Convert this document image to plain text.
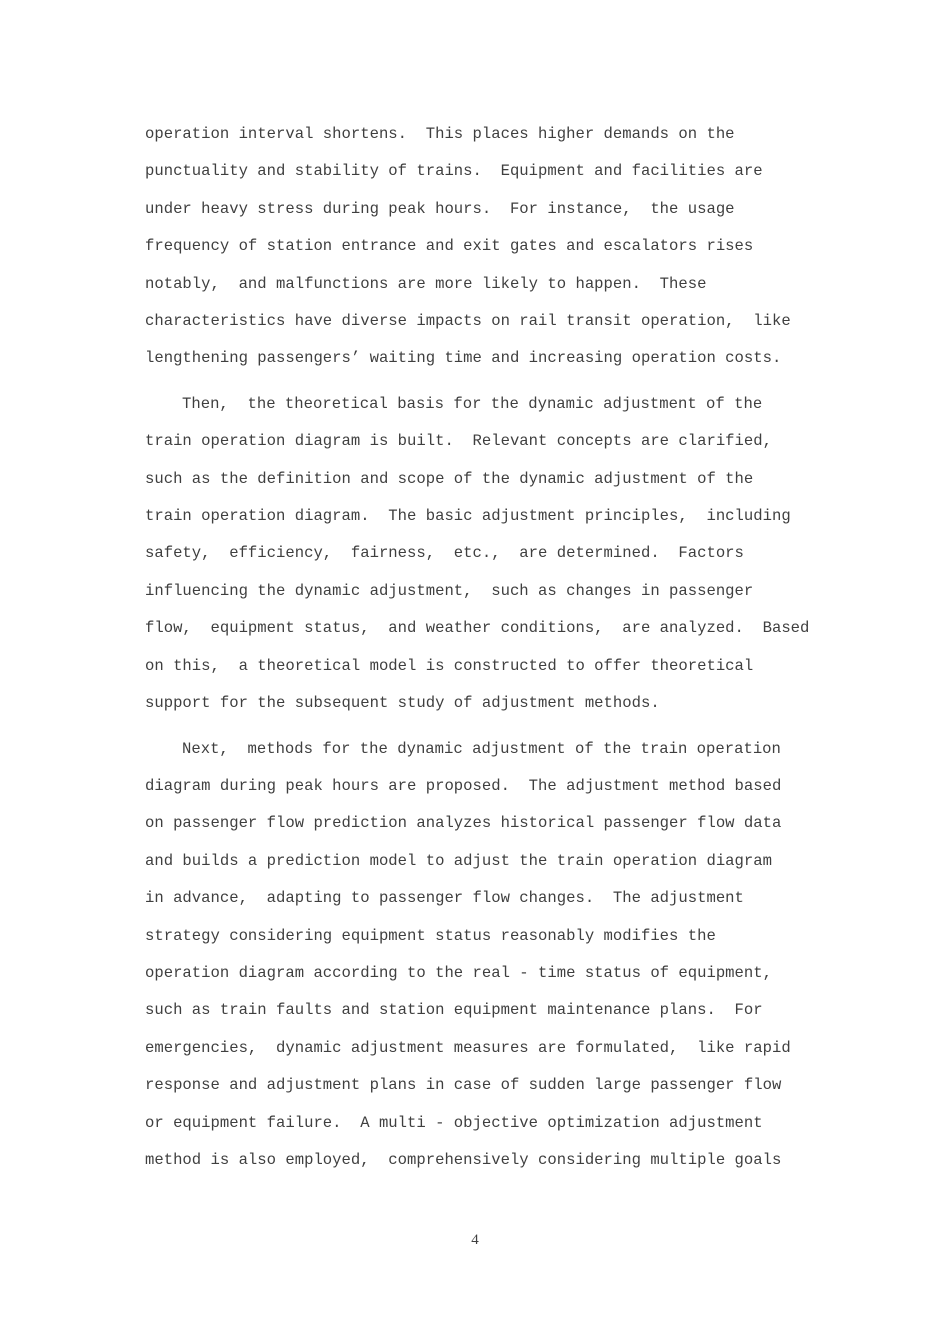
operation interval shortens.  This places higher demands on the
punctuality and stability of trains.  Equipment and facilities are
under heavy stress during peak hours.  For instance,  the usage
frequency of station entrance and exit gates and escalators rises
notably,  and malfunctions are more likely to happen.  These
characteristics have diverse impacts on rail transit operation,  like
lengthening passengers’ waiting time and increasing operation costs.
Then,  the theoretical basis for the dynamic adjustment of the
train operation diagram is built.  Relevant concepts are clarified,
such as the definition and scope of the dynamic adjustment of the
train operation diagram.  The basic adjustment principles,  including
safety,  efficiency,  fairness,  etc.,  are determined.  Factors
influencing the dynamic adjustment,  such as changes in passenger
flow,  equipment status,  and weather conditions,  are analyzed.  Based
on this,  a theoretical model is constructed to offer theoretical
support for the subsequent study of adjustment methods.
Next,  methods for the dynamic adjustment of the train operation
diagram during peak hours are proposed.  The adjustment method based
on passenger flow prediction analyzes historical passenger flow data
and builds a prediction model to adjust the train operation diagram
in advance,  adapting to passenger flow changes.  The adjustment
strategy considering equipment status reasonably modifies the
operation diagram according to the real - time status of equipment,
such as train faults and station equipment maintenance plans.  For
emergencies,  dynamic adjustment measures are formulated,  like rapid
response and adjustment plans in case of sudden large passenger flow
or equipment failure.  A multi - objective optimization adjustment
method is also employed,  comprehensively considering multiple goals
4
